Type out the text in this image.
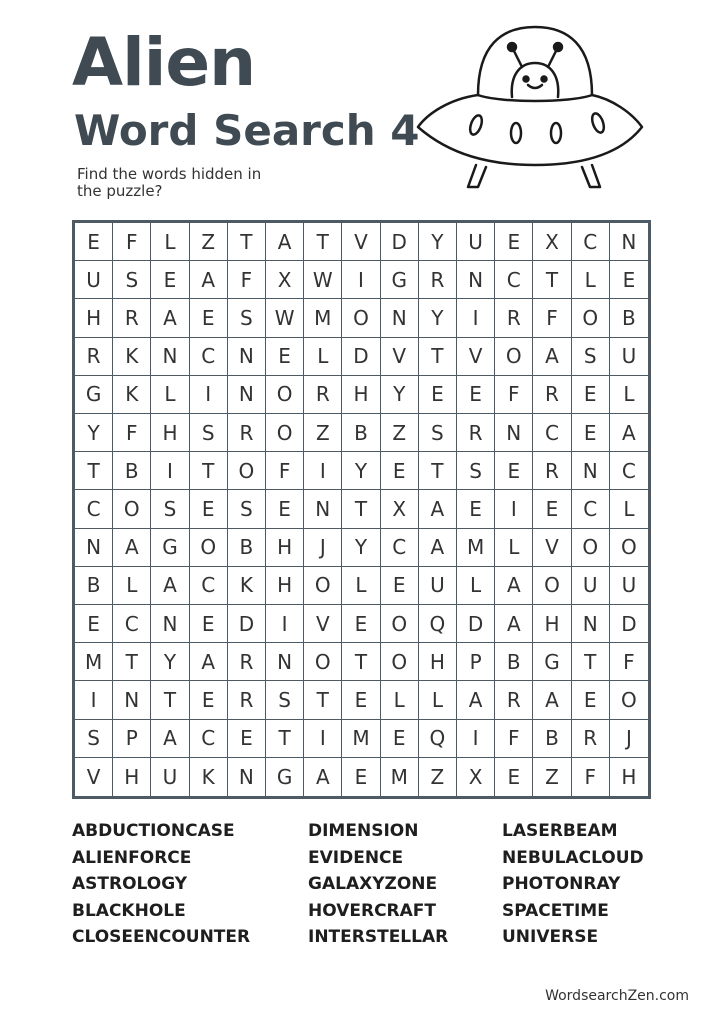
Alien
Word Search 4

Find the words hidden in the puzzle?

E	F	L	Z	T	A	T	V	D	Y	U	E	X	C	N
U	S	E	A	F	X	W	I	G	R	N	C	T	L	E
H	R	A	E	S	W M	O	N	Y	I	R	F	O	B
R	K	N	C	N	E	L	D	V	T	V	O	A	S	U
G	K	L	I	N	O	R	H	Y	E	E	F	R	E	L
Y	F	H	S	R	O	Z	B	Z	S	R	N	C	E	A
T	B	I	T	O	F	I	Y	E	T	S	E	R	N	C
C	O	S	E	S	E	N	T	X	A	E	I	E	C	L
N	A	G	O	B	H	J	Y	C	A	M	L	V	O	O
B	L	A	C	K	H	O	L	E	U	L	A	O	U	U
E	C	N	E	D	I	V	E	O	Q	D	A	H	N	D
M	T	Y	A	R	N	O	T	O	H	P	B	G	T	F
I	N	T	E	R	S	T	E	L	L	A	R	A	E	O
S	P	A	C	E	T	I	M	E	Q	I	F	B	R	J
V	H	U	K	N	G	A	E	M	Z	X	E	Z	F	H
ABDUCTIONCASE
ALIENFORCE
ASTROLOGY
BLACKHOLE
CLOSEENCOUNTER
DIMENSION
EVIDENCE
GALAXYZONE
HOVERCRAFT
INTERSTELLAR
LASERBEAM
NEBULACLOUD
PHOTONRAY
SPACETIME
UNIVERSE
WordsearchZen.com
